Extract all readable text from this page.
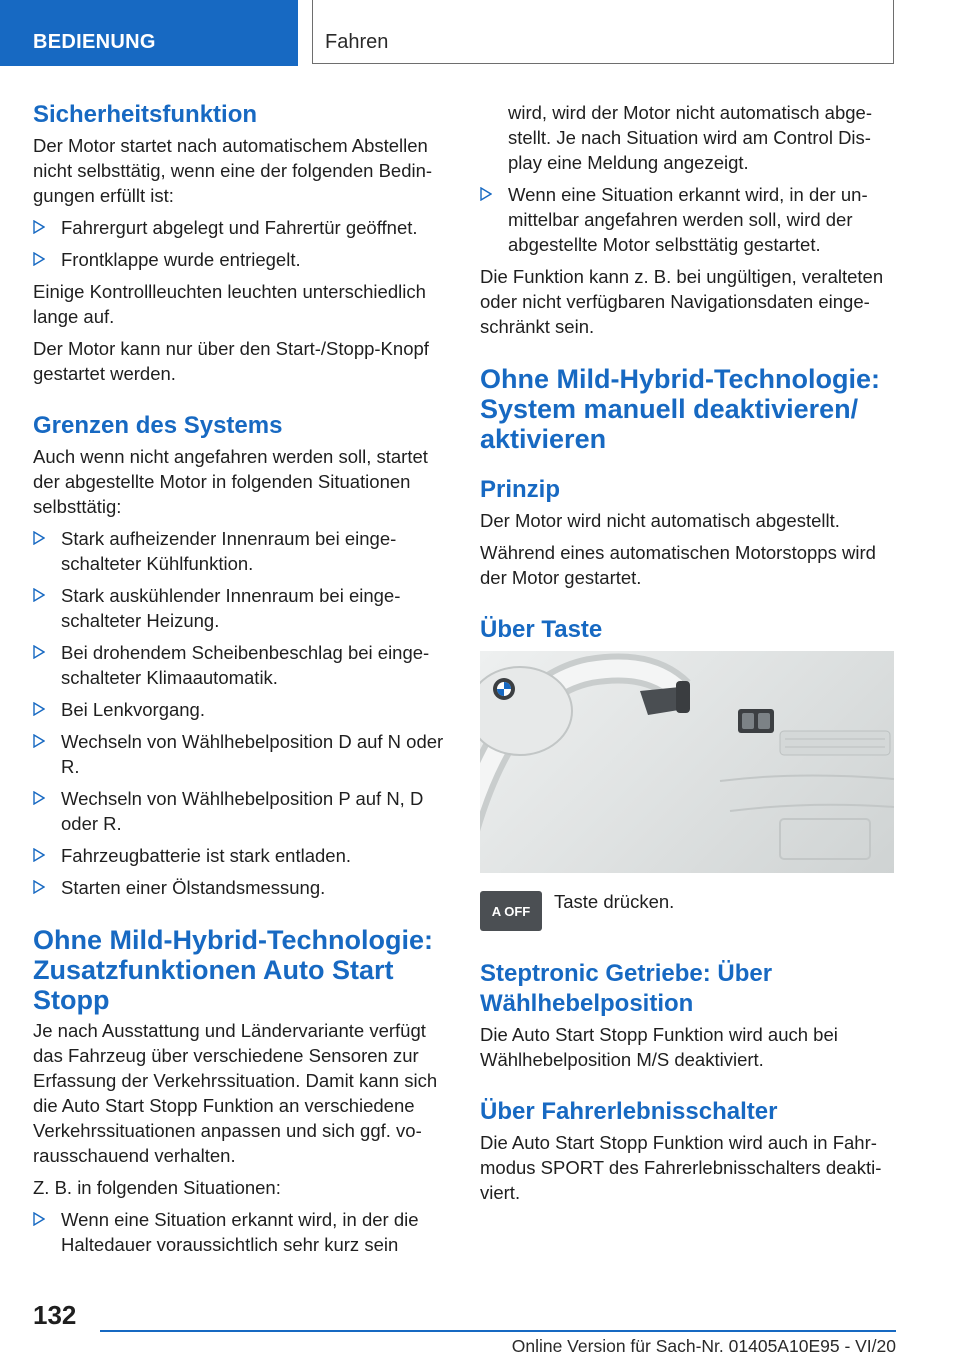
BEDIENUNG	Fahren
Sicherheitsfunktion
Der Motor startet nach automatischem Abstellen nicht selbsttätig, wenn eine der folgenden Bedingungen erfüllt ist:
Fahrergurt abgelegt und Fahrertür geöffnet.
Frontklappe wurde entriegelt.
Einige Kontrollleuchten leuchten unterschiedlich lange auf.
Der Motor kann nur über den Start-/Stopp-Knopf gestartet werden.
Grenzen des Systems
Auch wenn nicht angefahren werden soll, startet der abgestellte Motor in folgenden Situationen selbsttätig:
Stark aufheizender Innenraum bei eingeschalteter Kühlfunktion.
Stark auskühlender Innenraum bei eingeschalteter Heizung.
Bei drohendem Scheibenbeschlag bei eingeschalteter Klimaautomatik.
Bei Lenkvorgang.
Wechseln von Wählhebelposition D auf N oder R.
Wechseln von Wählhebelposition P auf N, D oder R.
Fahrzeugbatterie ist stark entladen.
Starten einer Ölstandsmessung.
Ohne Mild-Hybrid-Technologie: Zusatzfunktionen Auto Start Stopp
Je nach Ausstattung und Ländervariante verfügt das Fahrzeug über verschiedene Sensoren zur Erfassung der Verkehrssituation. Damit kann sich die Auto Start Stopp Funktion an verschiedene Verkehrssituationen anpassen und sich ggf. vorausschauend verhalten.
Z. B. in folgenden Situationen:
Wenn eine Situation erkannt wird, in der die Haltedauer voraussichtlich sehr kurz sein
wird, wird der Motor nicht automatisch abgestellt. Je nach Situation wird am Control Display eine Meldung angezeigt.
Wenn eine Situation erkannt wird, in der unmittelbar angefahren werden soll, wird der abgestellte Motor selbsttätig gestartet.
Die Funktion kann z. B. bei ungültigen, veralteten oder nicht verfügbaren Navigationsdaten eingeschränkt sein.
Ohne Mild-Hybrid-Technologie: System manuell deaktivieren/ aktivieren
Prinzip
Der Motor wird nicht automatisch abgestellt.
Während eines automatischen Motorstopps wird der Motor gestartet.
Über Taste
A OFF Taste drücken.
Steptronic Getriebe: Über Wählhebelposition
Die Auto Start Stopp Funktion wird auch bei Wählhebelposition M/S deaktiviert.
Über Fahrerlebnisschalter
Die Auto Start Stopp Funktion wird auch in Fahrmodus SPORT des Fahrerlebnisschalters deaktiviert.
132
Online Version für Sach-Nr. 01405A10E95 - VI/20
